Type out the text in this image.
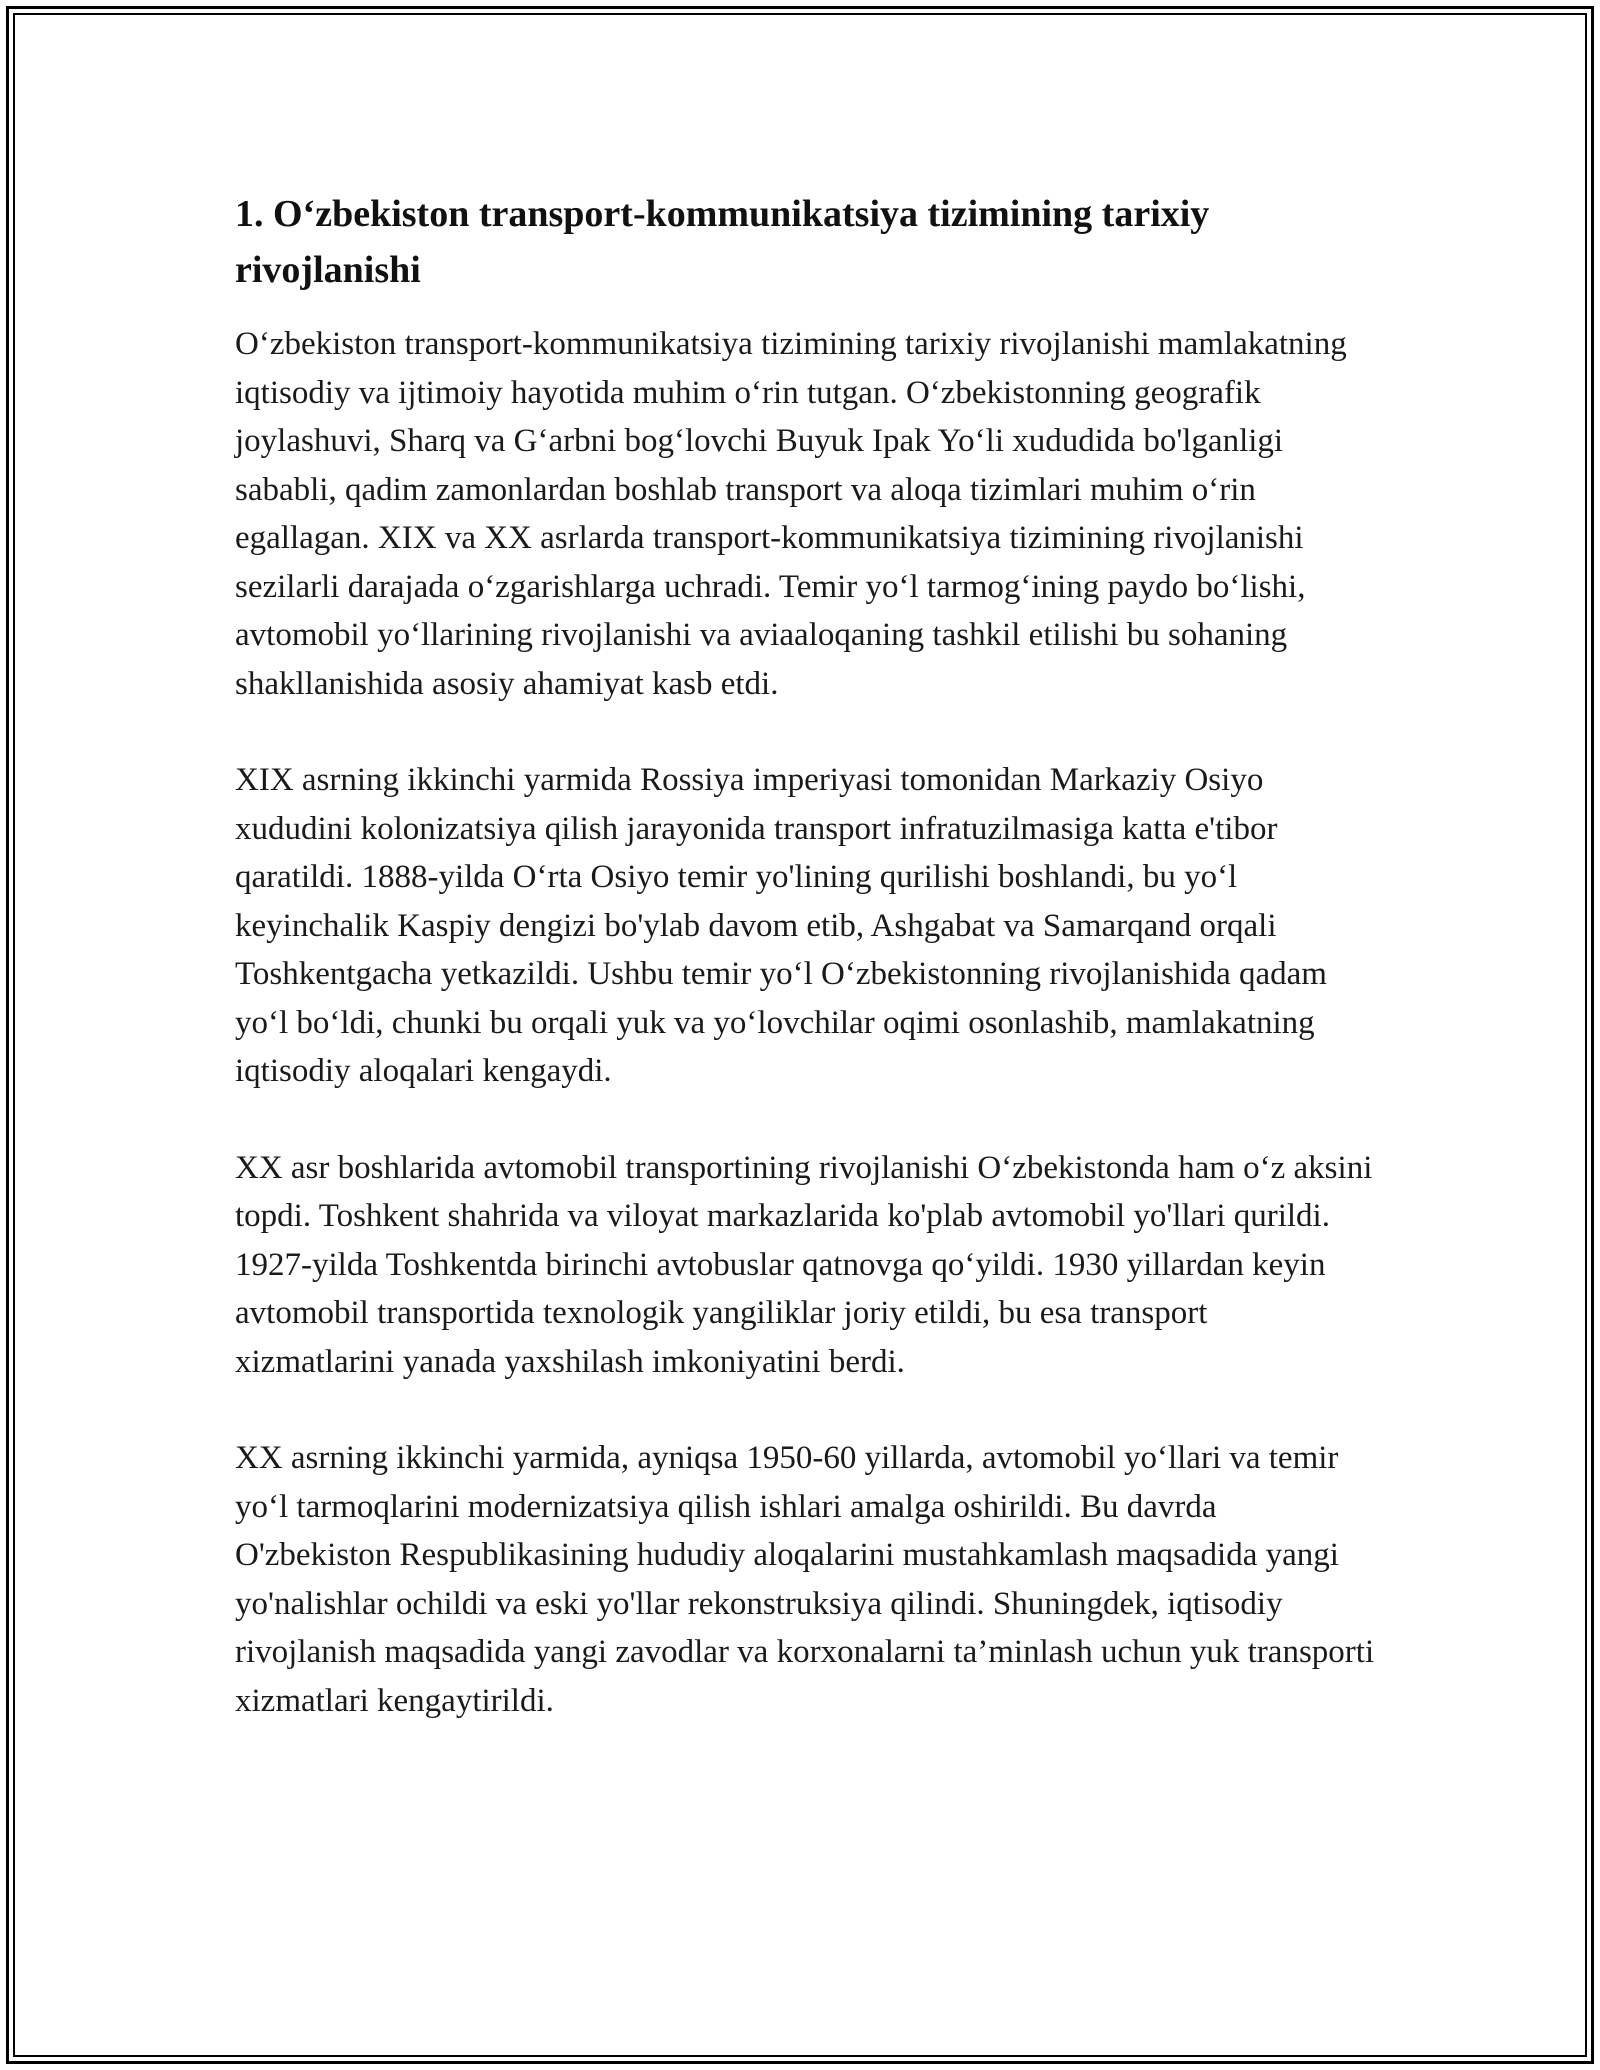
1. O‘zbekiston transport-kommunikatsiya tizimining tarixiy rivojlanishi

O‘zbekiston transport-kommunikatsiya tizimining tarixiy rivojlanishi mamlakatning iqtisodiy va ijtimoiy hayotida muhim o‘rin tutgan. O‘zbekistonning geografik joylashuvi, Sharq va G‘arbni bog‘lovchi Buyuk Ipak Yo‘li xududida bo'lganligi sababli, qadim zamonlardan boshlab transport va aloqa tizimlari muhim o‘rin egallagan. XIX va XX asrlarda transport-kommunikatsiya tizimining rivojlanishi sezilarli darajada o‘zgarishlarga uchradi. Temir yo‘l tarmog‘ining paydo bo‘lishi, avtomobil yo‘llarining rivojlanishi va aviaaloqaning tashkil etilishi bu sohaning shakllanishida asosiy ahamiyat kasb etdi.

XIX asrning ikkinchi yarmida Rossiya imperiyasi tomonidan Markaziy Osiyo xududini kolonizatsiya qilish jarayonida transport infratuzilmasiga katta e'tibor qaratildi. 1888-yilda O‘rta Osiyo temir yo'lining qurilishi boshlandi, bu yo‘l keyinchalik Kaspiy dengizi bo'ylab davom etib, Ashgabat va Samarqand orqali Toshkentgacha yetkazildi. Ushbu temir yo‘l O‘zbekistonning rivojlanishida qadam yo‘l bo‘ldi, chunki bu orqali yuk va yo‘lovchilar oqimi osonlashib, mamlakatning iqtisodiy aloqalari kengaydi.

XX asr boshlarida avtomobil transportining rivojlanishi O‘zbekistonda ham o‘z aksini topdi. Toshkent shahrida va viloyat markazlarida ko'plab avtomobil yo'llari qurildi. 1927-yilda Toshkentda birinchi avtobuslar qatnovga qo‘yildi. 1930 yillardan keyin avtomobil transportida texnologik yangiliklar joriy etildi, bu esa transport xizmatlarini yanada yaxshilash imkoniyatini berdi.

XX asrning ikkinchi yarmida, ayniqsa 1950-60 yillarda, avtomobil yo‘llari va temir yo‘l tarmoqlarini modernizatsiya qilish ishlari amalga oshirildi. Bu davrda O'zbekiston Respublikasining hududiy aloqalarini mustahkamlash maqsadida yangi yo'nalishlar ochildi va eski yo'llar rekonstruksiya qilindi. Shuningdek, iqtisodiy rivojlanish maqsadida yangi zavodlar va korxonalarni ta’minlash uchun yuk transporti xizmatlari kengaytirildi.
